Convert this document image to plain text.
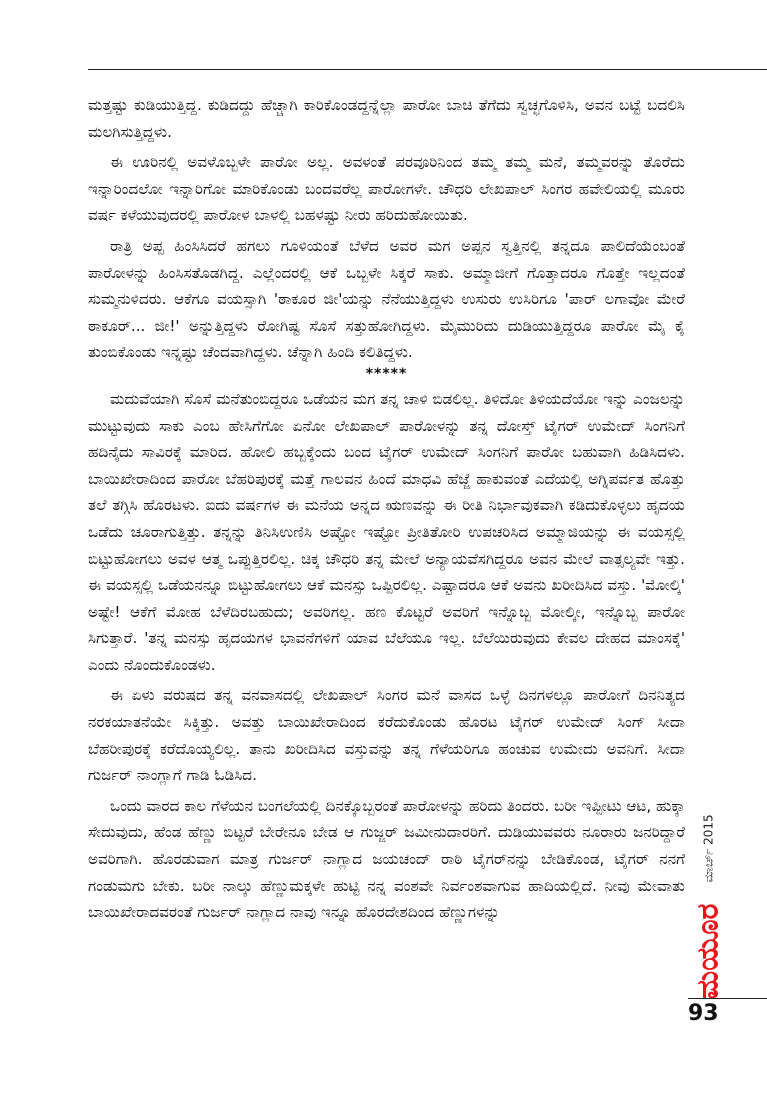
ಮತ್ತಷ್ಟು ಕುಡಿಯುತ್ತಿದ್ದ. ಕುಡಿದದ್ದು ಹೆಚ್ಚಾಗಿ ಕಾರಿಕೊಂಡದ್ದನ್ನೆಲ್ಲಾ ಪಾರೋ ಬಾಚಿ ತೆಗೆದು ಸ್ವಚ್ಛಗೊಳಿಸಿ, ಅವನ ಬಟ್ಟೆ ಬದಲಿಸಿ ಮಲಗಿಸುತ್ತಿದ್ದಳು.

ಈ ಊರಿನಲ್ಲಿ ಅವಳೊಬ್ಬಳೇ ಪಾರೋ ಅಲ್ಲ. ಅವಳಂತೆ ಪರವೂರಿನಿಂದ ತಮ್ಮ ತಮ್ಮ ಮನೆ, ತಮ್ಮವರನ್ನು ತೊರೆದು ಇನ್ನಾರಿಂದಲೋ ಇನ್ನಾರಿಗೋ ಮಾರಿಕೊಂಡು ಬಂದವರೆಲ್ಲ ಪಾರೋಗಳೇ. ಚೌಧರಿ ಲೇಖಪಾಲ್ ಸಿಂಗರ ಹವೇಲಿಯಲ್ಲಿ ಮೂರು ವರ್ಷ ಕಳೆಯುವುದರಲ್ಲಿ ಪಾರೋಳ ಬಾಳಲ್ಲಿ ಬಹಳಷ್ಟು ನೀರು ಹರಿದುಹೋಯಿತು.

ರಾತ್ರಿ ಅಪ್ಪ ಹಿಂಸಿಸಿದರೆ ಹಗಲು ಗೂಳಿಯಂತೆ ಬೆಳೆದ ಅವರ ಮಗ ಅಪ್ಪನ ಸ್ವತ್ತಿನಲ್ಲಿ ತನ್ನದೂ ಪಾಲಿದೆಯೆಂಬಂತೆ ಪಾರೋಳನ್ನು ಹಿಂಸಿಸತೊಡಗಿದ್ದ. ಎಲ್ಲೆಂದರಲ್ಲಿ ಆಕೆ ಒಬ್ಬಳೇ ಸಿಕ್ಕರೆ ಸಾಕು. ಅಮ್ಮಾಜೀಗೆ ಗೊತ್ತಾದರೂ ಗೊತ್ತೇ ಇಲ್ಲದಂತೆ ಸುಮ್ಮನುಳಿದರು. ಆಕೆಗೂ ವಯಸ್ಸಾಗಿ 'ಠಾಕೂರ ಜೀ'ಯನ್ನು ನೆನೆಯುತ್ತಿದ್ದಳು ಉಸುರು ಉಸಿರಿಗೂ 'ಪಾರ್ ಲಗಾವೋ ಮೇರೆ ಠಾಕೂರ್... ಜೀ!' ಅನ್ನುತ್ತಿದ್ದಳು ರೋಗಿಷ್ಟ ಸೊಸೆ ಸತ್ತುಹೋಗಿದ್ದಳು. ಮೈಮುರಿದು ದುಡಿಯುತ್ತಿದ್ದರೂ ಪಾರೋ ಮೈ ಕೈ ತುಂಬಿಕೊಂಡು ಇನ್ನಷ್ಟು ಚೆಂದವಾಗಿದ್ದಳು. ಚೆನ್ನಾಗಿ ಹಿಂದಿ ಕಲಿತಿದ್ದಳು.

*****

ಮದುವೆಯಾಗಿ ಸೊಸೆ ಮನೆತುಂಬಿದ್ದರೂ ಒಡೆಯನ ಮಗ ತನ್ನ ಚಾಳಿ ಬಿಡಲಿಲ್ಲ. ತಿಳಿದೋ ತಿಳಿಯದೆಯೋ ಇನ್ನು ಎಂಜಲನ್ನು ಮುಟ್ಟುವುದು ಸಾಕು ಎಂಬ ಹೇಸಿಗೆಗೋ ಏನೋ ಲೇಖಪಾಲ್ ಪಾರೋಳನ್ನು ತನ್ನ ದೋಸ್ತ್ ಟೈಗರ್ ಉಮೇದ್ ಸಿಂಗನಿಗೆ ಹದಿನೈದು ಸಾವಿರಕ್ಕೆ ಮಾರಿದ. ಹೋಲಿ ಹಬ್ಬಕ್ಕೆಂದು ಬಂದ ಟೈಗರ್ ಉಮೇದ್ ಸಿಂಗನಿಗೆ ಪಾರೋ ಬಹುವಾಗಿ ಹಿಡಿಸಿದಳು. ಬಾಯಿಖೇರಾದಿಂದ ಪಾರೋ ಬೆಹರಿಪುರಕ್ಕೆ ಮತ್ತೆ ಗಾಲವನ ಹಿಂದೆ ಮಾಧವಿ ಹೆಜ್ಜೆ ಹಾಕುವಂತೆ ಎದೆಯಲ್ಲಿ ಅಗ್ನಿಪರ್ವತ ಹೊತ್ತು ತಲೆ ತಗ್ಗಿಸಿ ಹೊರಟಳು. ಐದು ವರ್ಷಗಳ ಈ ಮನೆಯ ಅನ್ನದ ಋಣವನ್ನು ಈ ರೀತಿ ನಿರ್ಭಾವುಕವಾಗಿ ಕಡಿದುಕೊಳ್ಳಲು ಹೃದಯ ಒಡೆದು ಚೂರಾಗುತ್ತಿತ್ತು. ತನ್ನನ್ನು ತಿನಿಸಿಉಣಿಸಿ ಅಷ್ಟೋ ಇಷ್ಟೋ ಪ್ರೀತಿತೋರಿ ಉಪಚರಿಸಿದ ಅಮ್ಮಾಜಿಯನ್ನು ಈ ವಯಸ್ಸಲ್ಲಿ ಬಿಟ್ಟುಹೋಗಲು ಅವಳ ಆತ್ಮ ಒಪ್ಪುತ್ತಿರಲಿಲ್ಲ. ಚಿಕ್ಕ ಚೌಧರಿ ತನ್ನ ಮೇಲೆ ಅನ್ಯಾಯವೆಸಗಿದ್ದರೂ ಅವನ ಮೇಲೆ ವಾತ್ಸಲ್ಯವೇ ಇತ್ತು. ಈ ವಯಸ್ಸಲ್ಲಿ ಒಡೆಯನನ್ನೂ ಬಿಟ್ಟುಹೋಗಲು ಆಕೆ ಮನಸ್ಸು ಒಪ್ಪಿರಲಿಲ್ಲ. ಎಷ್ಟಾದರೂ ಆಕೆ ಅವನು ಖರೀದಿಸಿದ ವಸ್ತು. 'ಮೋಲ್ಕಿ' ಅಷ್ಟೇ! ಆಕೆಗೆ ಮೋಹ ಬೆಳೆದಿರಬಹುದು; ಅವರಿಗಲ್ಲ. ಹಣ ಕೊಟ್ಟರೆ ಅವರಿಗೆ ಇನ್ನೊಬ್ಬ ಮೋಲ್ಕೀ, ಇನ್ನೊಬ್ಬ ಪಾರೋ ಸಿಗುತ್ತಾರೆ. 'ತನ್ನ ಮನಸ್ಸು ಹೃದಯಗಳ ಭಾವನೆಗಳಿಗೆ ಯಾವ ಬೆಲೆಯೂ ಇಲ್ಲ. ಬೆಲೆಯಿರುವುದು ಕೇವಲ ದೇಹದ ಮಾಂಸಕ್ಕೆ' ಎಂದು ನೊಂದುಕೊಂಡಳು.

ಈ ಏಳು ವರುಷದ ತನ್ನ ವನವಾಸದಲ್ಲಿ ಲೇಖಪಾಲ್ ಸಿಂಗರ ಮನೆ ವಾಸದ ಒಳ್ಳೆ ದಿನಗಳಲ್ಲೂ ಪಾರೋಗೆ ದಿನನಿತ್ಯದ ನರಕಯಾತನೆಯೇ ಸಿಕ್ಕಿತ್ತು. ಅವತ್ತು ಬಾಯಿಖೇರಾದಿಂದ ಕರೆದುಕೊಂಡು ಹೊರಟ ಟೈಗರ್ ಉಮೇದ್ ಸಿಂಗ್ ಸೀದಾ ಬೆಹರೀಪುರಕ್ಕೆ ಕರೆದೊಯ್ಯಲಿಲ್ಲ. ತಾನು ಖರೀದಿಸಿದ ವಸ್ತುವನ್ನು ತನ್ನ ಗೆಳೆಯರಿಗೂ ಹಂಚುವ ಉಮೇದು ಅವನಿಗೆ. ಸೀದಾ ಗುರ್ಜರ್ ನಾಂಗ್ಲಾಗೆ ಗಾಡಿ ಓಡಿಸಿದ.

ಒಂದು ವಾರದ ಕಾಲ ಗೆಳೆಯನ ಬಂಗಲೆಯಲ್ಲಿ ದಿನಕ್ಕೊಬ್ಬರಂತೆ ಪಾರೋಳನ್ನು ಹರಿದು ತಿಂದರು. ಬರೀ ಇಪ್ಪೀಟು ಆಟ, ಹುಕ್ಕಾ ಸೇದುವುದು, ಹೆಂಡ ಹೆಣ್ಣು ಬಿಟ್ಟರೆ ಬೇರೇನೂ ಬೇಡ ಆ ಗುಜ್ಜರ್ ಜಮೀನುದಾರರಿಗೆ. ದುಡಿಯುವವರು ನೂರಾರು ಜನರಿದ್ದಾರೆ ಅವರಿಗಾಗಿ. ಹೊರಡುವಾಗ ಮಾತ್ರ ಗುರ್ಜರ್ ನಾಗ್ಲಾದ ಜಯಚಂದ್ ರಾಠಿ ಟೈಗರ್‌ನನ್ನು ಬೇಡಿಕೊಂಡ, ಟೈಗರ್ ನನಗೆ ಗಂಡುಮಗು ಬೇಕು. ಬರೀ ನಾಲ್ಕು ಹೆಣ್ಣುಮಕ್ಕಳೇ ಹುಟ್ಟಿ ನನ್ನ ವಂಶವೇ ನಿರ್ವಂಶವಾಗುವ ಹಾದಿಯಲ್ಲಿದೆ. ನೀವು ಮೇವಾತು ಬಾಯಿಖೇರಾದವರಂತೆ ಗುರ್ಜರ್ ನಾಗ್ಲಾದ ನಾವು ಇನ್ನೂ ಹೊರದೇಶದಿಂದ ಹೆಣ್ಣುಗಳನ್ನು

ಮಾರ್ಚ್ 2015
ಮಯೂರ
93
